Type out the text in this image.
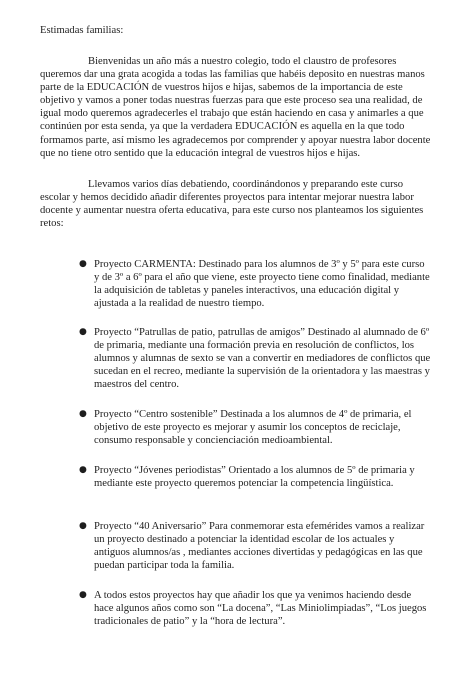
Estimadas familias:

Bienvenidas un año más a nuestro colegio, todo el claustro de profesores queremos dar una grata acogida a todas las familias que habéis deposito en nuestras manos parte de la EDUCACIÓN de vuestros hijos e hijas, sabemos de la importancia de este objetivo y vamos a poner todas nuestras fuerzas para que este proceso sea una realidad, de igual modo queremos agradecerles el trabajo que están haciendo en casa y animarles a que continúen por esta senda, ya que la verdadera EDUCACIÓN es aquella en la que todo formamos parte, así mismo les agradecemos por comprender y apoyar nuestra labor docente que no tiene otro sentido que la educación integral de vuestros hijos e hijas.

Llevamos varios días debatiendo, coordinándonos y preparando este curso escolar y hemos decidido añadir diferentes proyectos para intentar mejorar nuestra labor docente y aumentar nuestra oferta educativa, para este curso nos planteamos los siguientes retos:

● Proyecto CARMENTA: Destinado para los alumnos de 3º y 5º para este curso y de 3º a 6º para el año que viene, este proyecto tiene como finalidad, mediante la adquisición de tabletas y paneles interactivos, una educación digital y ajustada a la realidad de nuestro tiempo.
● Proyecto “Patrullas de patio, patrullas de amigos” Destinado al alumnado de 6º de primaria, mediante una formación previa en resolución de conflictos, los alumnos y alumnas de sexto se van a convertir en mediadores de conflictos que sucedan en el recreo, mediante la supervisión de la orientadora y las maestras y maestros del centro.
● Proyecto “Centro sostenible” Destinada a los alumnos de 4º de primaria, el objetivo de este proyecto es mejorar y asumir los conceptos de reciclaje, consumo responsable y concienciación medioambiental.
● Proyecto “Jóvenes periodistas” Orientado a los alumnos de 5º de primaria y mediante este proyecto queremos potenciar la competencia lingüística.
● Proyecto “40 Aniversario” Para conmemorar esta efemérides vamos a realizar un proyecto destinado a potenciar la identidad escolar de los actuales y antiguos alumnos/as , mediantes acciones divertidas y pedagógicas en las que puedan participar toda la familia.
● A todos estos proyectos hay que añadir los que ya venimos haciendo desde hace algunos años como son “La docena”, “Las Miniolimpiadas”, “Los juegos tradicionales de patio” y la “hora de lectura”.
